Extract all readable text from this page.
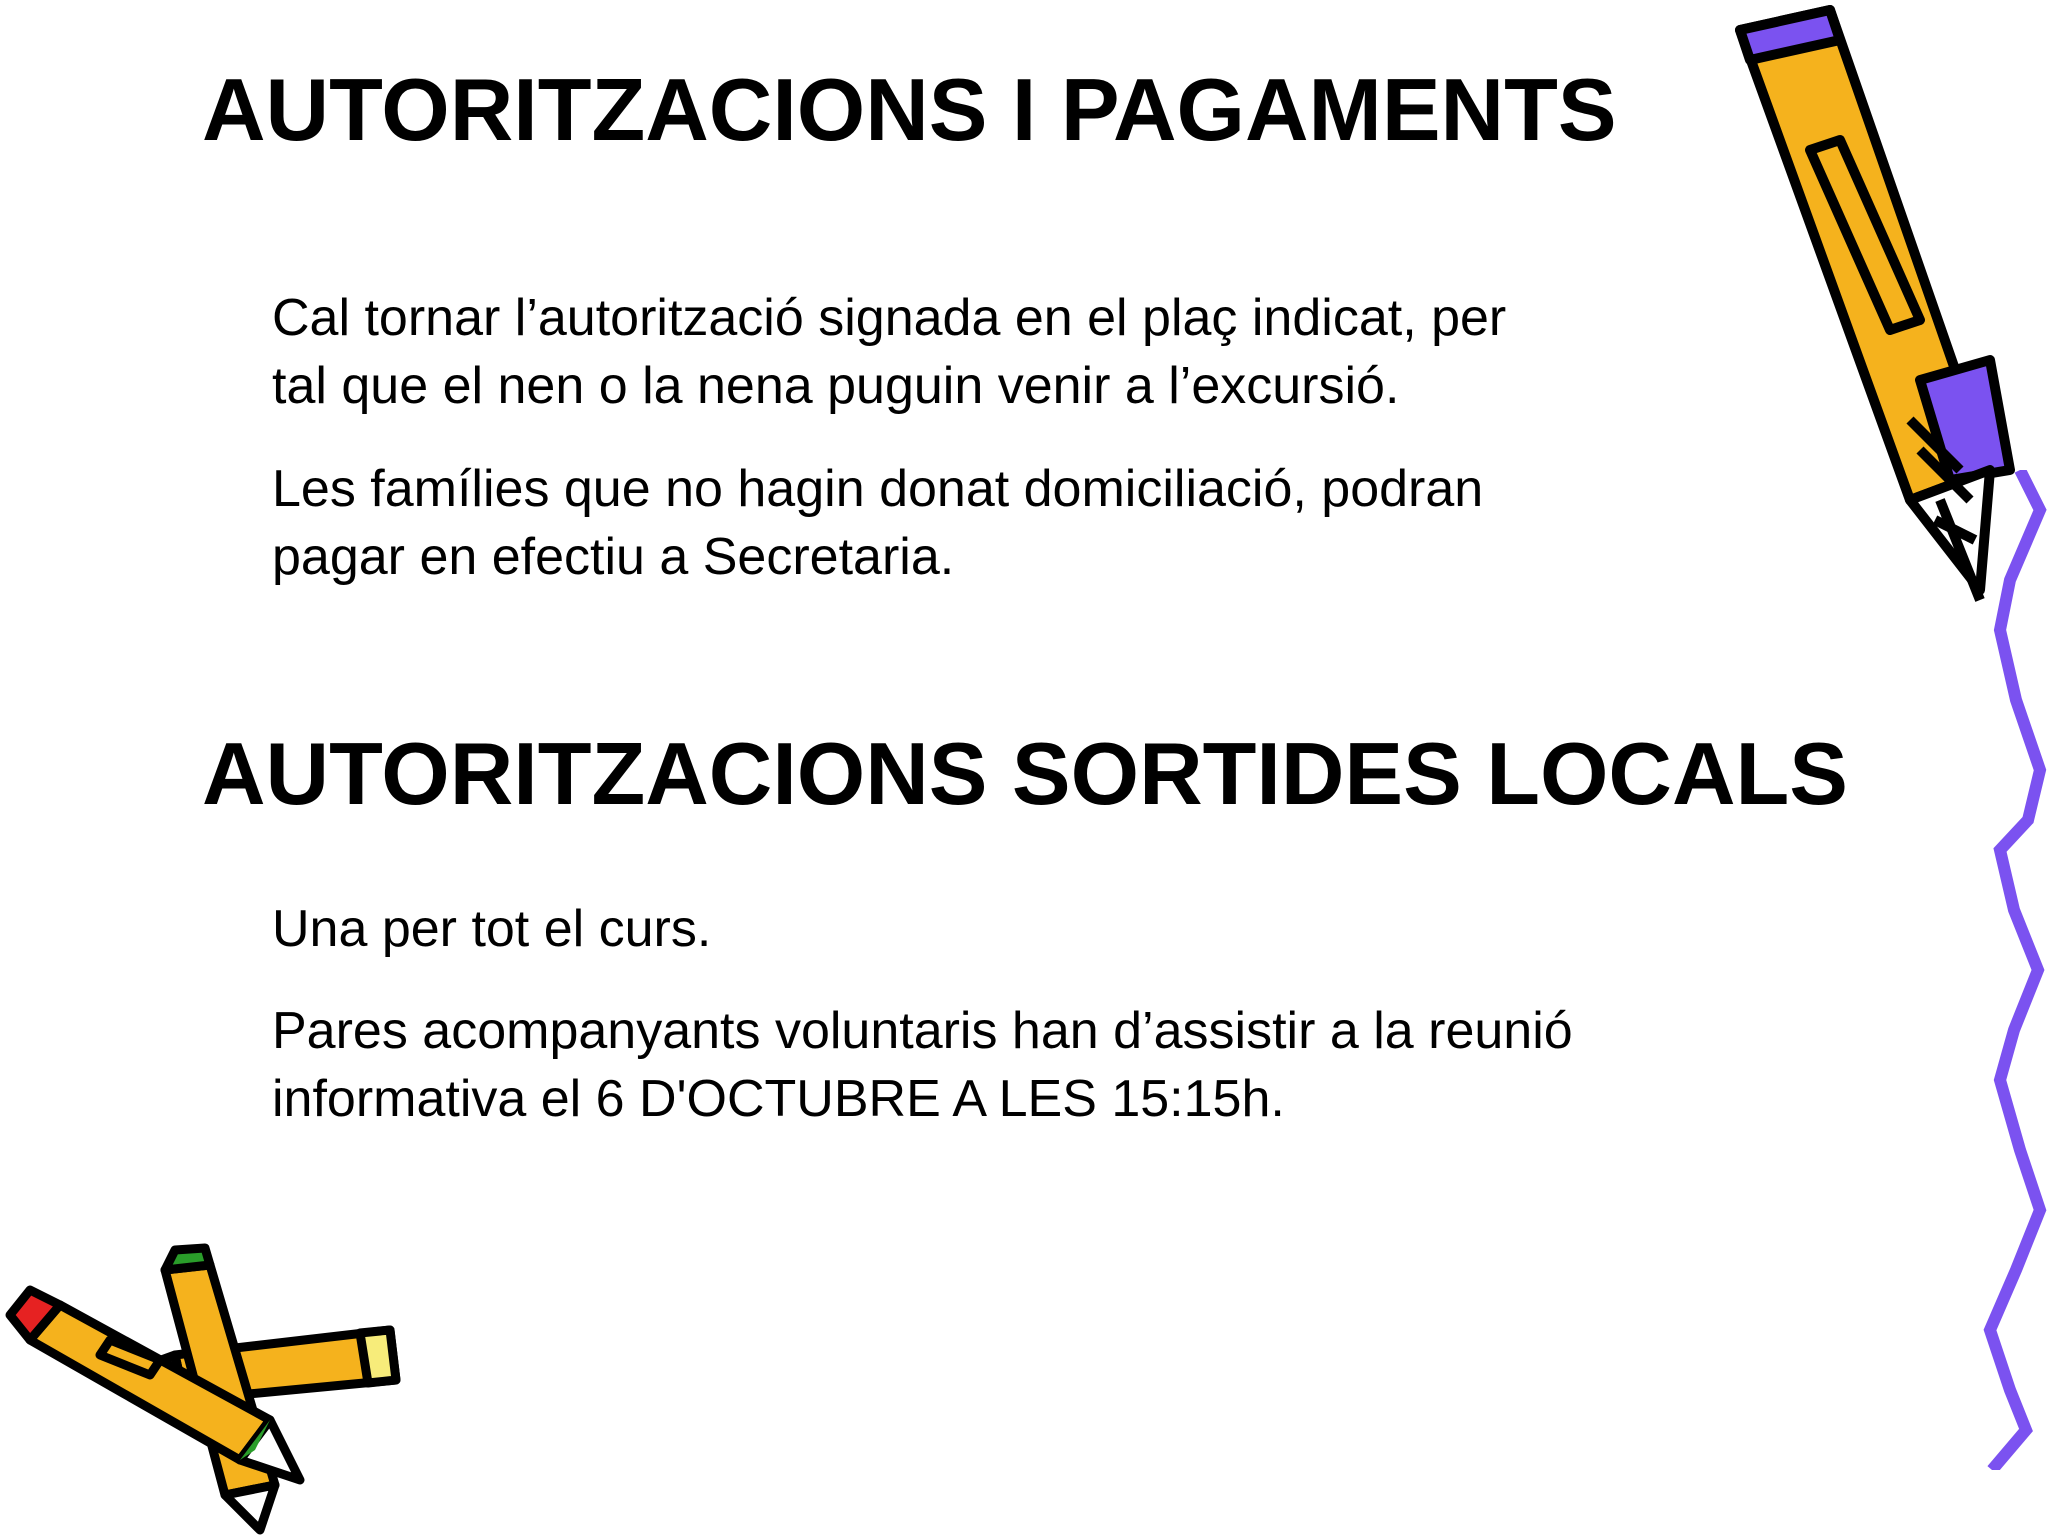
AUTORITZACIONS I PAGAMENTS

Cal tornar l’autorització signada en el plaç indicat, per
tal que el nen o la nena puguin venir a l’excursió.

Les famílies que no hagin donat domiciliació, podran
pagar en efectiu a Secretaria.

AUTORITZACIONS SORTIDES LOCALS

Una per tot el curs.

Pares acompanyants voluntaris han d’assistir a la reunió
informativa el 6 D'OCTUBRE A LES 15:15h.
